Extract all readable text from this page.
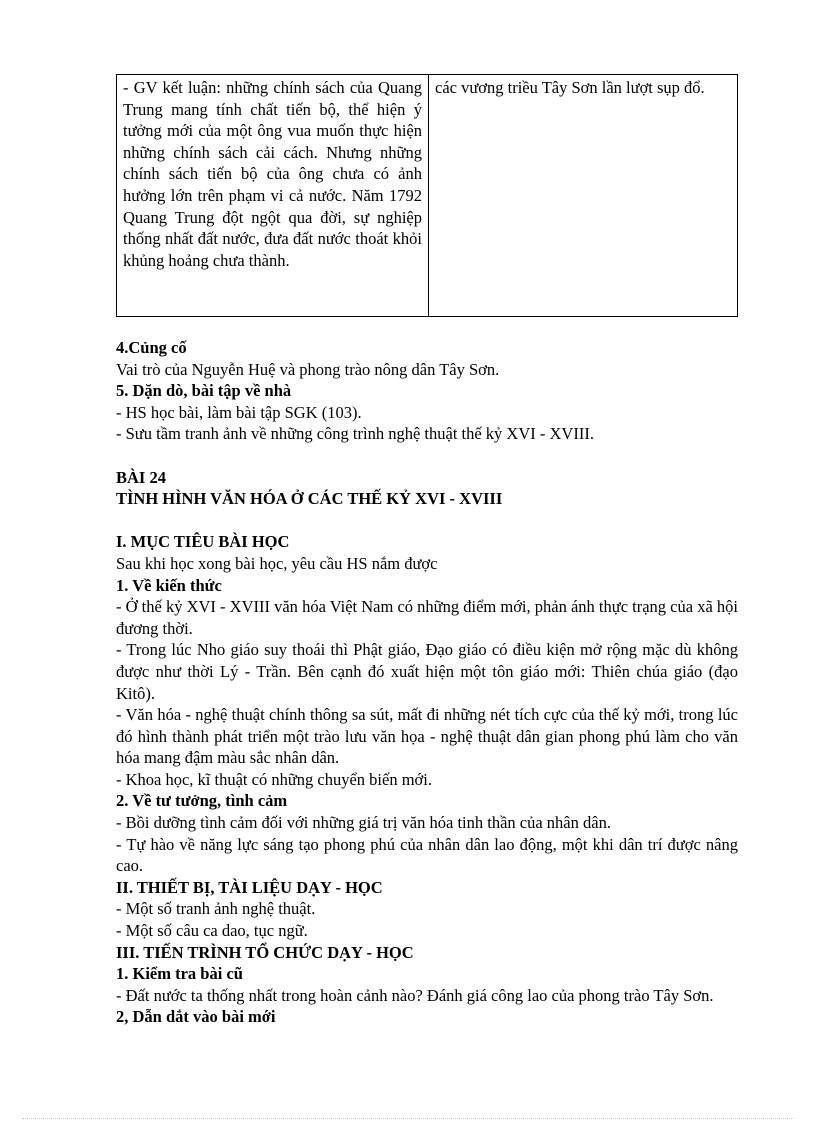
- GV kết luận: những chính sách của Quang Trung mang tính chất tiến bộ, thể hiện ý tưởng mới của một ông vua muốn thực hiện những chính sách cải cách. Nhưng những chính sách tiến bộ của ông chưa có ảnh hưởng lớn trên phạm vi cả nước. Năm 1792 Quang Trung đột ngột qua đời, sự nghiệp thống nhất đất nước, đưa đất nước thoát khỏi khủng hoảng chưa thành.	các vương triều Tây Sơn lần lượt sụp đổ.

4.Củng cố

Vai trò của Nguyễn Huệ và phong trào nông dân Tây Sơn.

5. Dặn dò, bài tập về nhà

- HS học bài, làm bài tập SGK (103).

- Sưu tầm tranh ảnh về những công trình nghệ thuật thế kỷ XVI - XVIII.

BÀI 24

TÌNH HÌNH VĂN HÓA Ở CÁC THẾ KỶ XVI - XVIII

I. MỤC TIÊU BÀI HỌC

Sau khi học xong bài học, yêu cầu HS nắm được

1. Về kiến thức

- Ở thế kỷ XVI - XVIII văn hóa Việt Nam có những điểm mới, phản ánh thực trạng của xã hội đương thời.

- Trong lúc Nho giáo suy thoái thì Phật giáo, Đạo giáo có điều kiện mở rộng mặc dù không được như thời Lý - Trần. Bên cạnh đó xuất hiện một tôn giáo mới: Thiên chúa giáo (đạo Kitô).

- Văn hóa - nghệ thuật chính thông sa sút, mất đi những nét tích cực của thế kỷ mới, trong lúc đó hình thành phát triển một trào lưu văn họa - nghệ thuật dân gian phong phú làm cho văn hóa mang đậm màu sắc nhân dân.

- Khoa học, kĩ thuật có những chuyển biến mới.

2. Về tư tưởng, tình cảm

- Bồi dưỡng tình cảm đối với những giá trị văn hóa tinh thần của nhân dân.

- Tự hào về năng lực sáng tạo phong phú của nhân dân lao động, một khi dân trí được nâng cao.

II. THIẾT BỊ, TÀI LIỆU DẠY - HỌC

- Một số tranh ảnh nghệ thuật.

- Một số câu ca dao, tục ngữ.

III. TIẾN TRÌNH TỔ CHỨC DẠY - HỌC

1. Kiểm tra bài cũ

- Đất nước ta thống nhất trong hoàn cảnh nào? Đánh giá công lao của phong trào Tây Sơn.

2, Dẫn dắt vào bài mới
